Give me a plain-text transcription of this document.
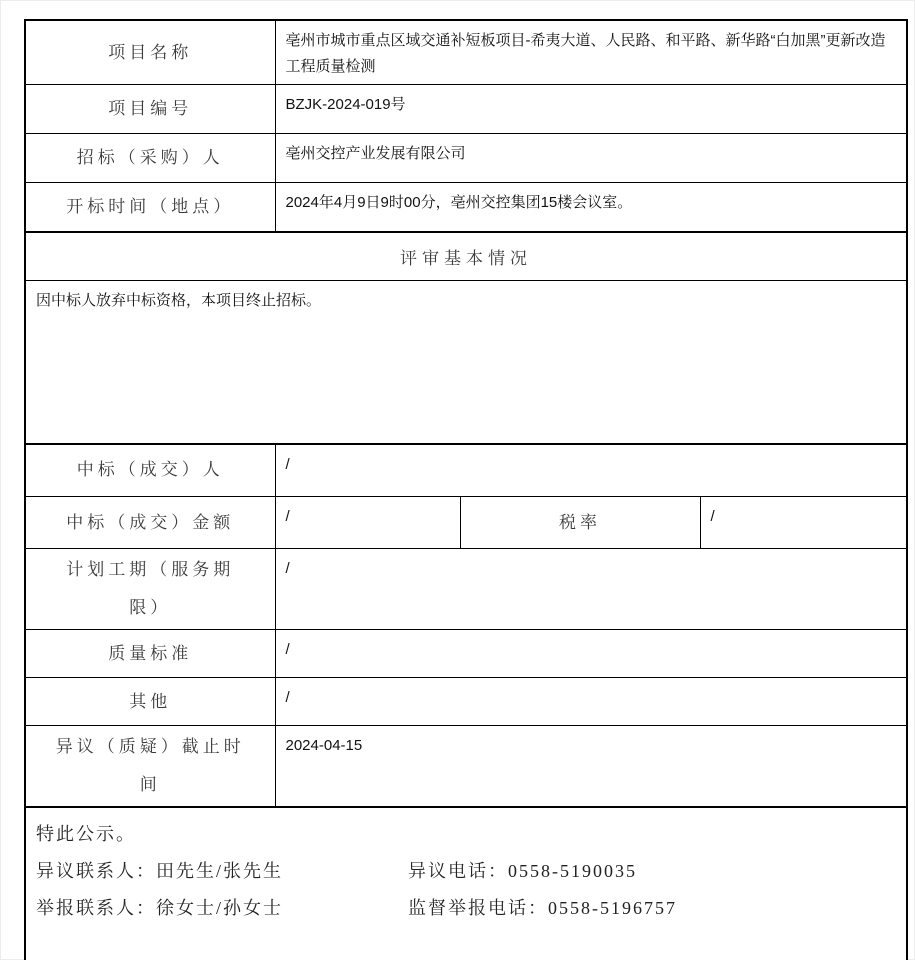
项目名称	亳州市城市重点区域交通补短板项目-希夷大道、人民路、和平路、新华路“白加黑”更新改造工程质量检测		
项目编号	BZJK-2024-019号		
招标（采购）人	亳州交控产业发展有限公司		
开标时间（地点）	2024年4月9日9时00分，亳州交控集团15楼会议室。		
评审基本情况			
因中标人放弃中标资格，本项目终止招标。			
中标（成交）人	/		
中标（成交）金额	/	税率	/
计划工期（服务期限）	/		
质量标准	/		
其他	/		
异议（质疑）截止时间	2024-04-15		

特此公示。
异议联系人：田先生/张先生 异议电话：0558-5190035
举报联系人：徐女士/孙女士 监督举报电话：0558-5196757			
